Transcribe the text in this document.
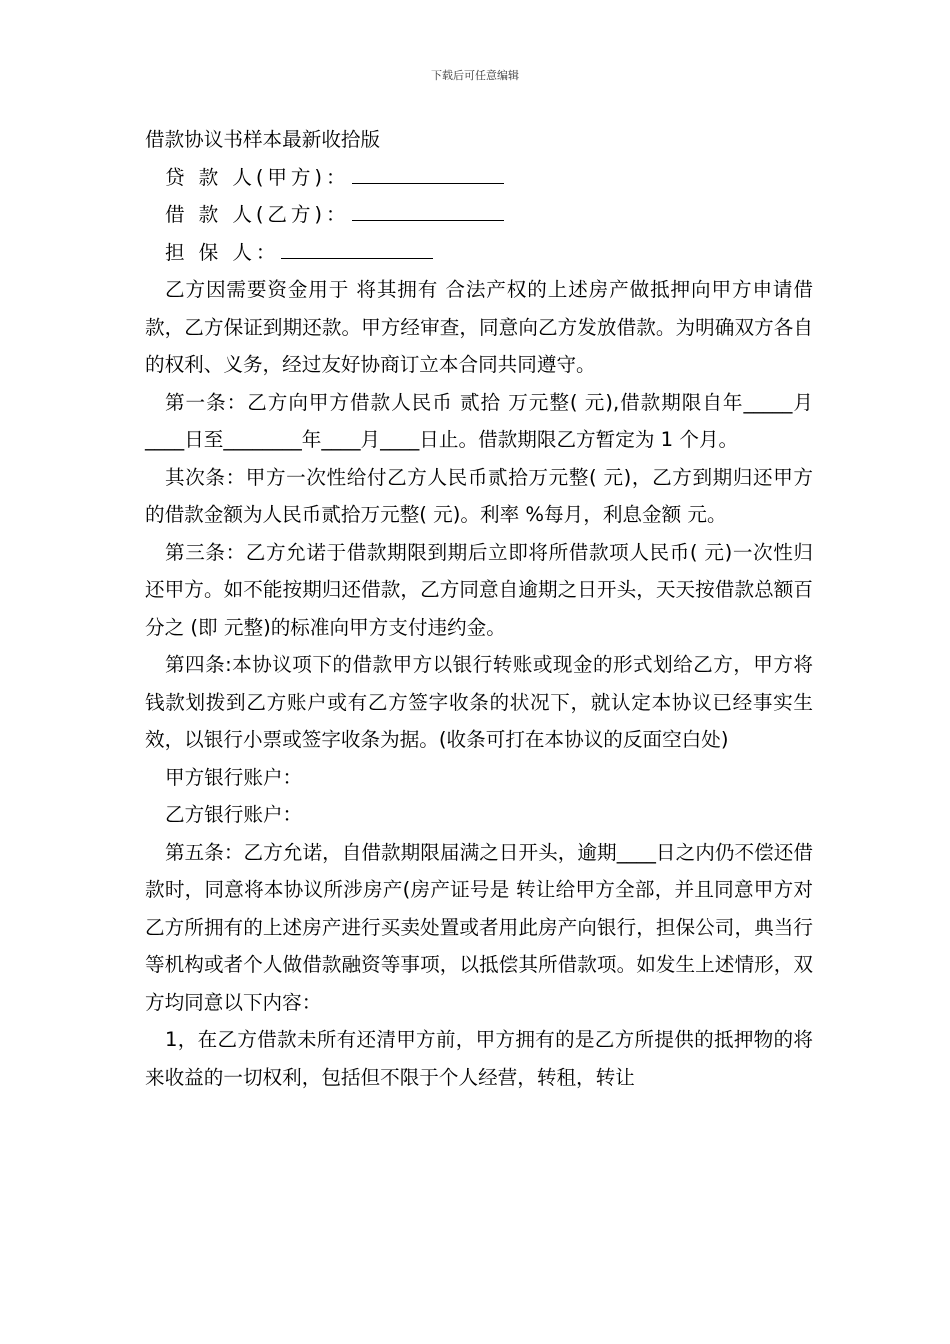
下载后可任意编辑

借款协议书样本最新收拾版

贷 款 人(甲方)：

借 款 人(乙方)：

担 保 人：

乙方因需要资金用于 将其拥有 合法产权的上述房产做抵押向甲方申请借款，乙方保证到期还款。甲方经审查，同意向乙方发放借款。为明确双方各自的权利、义务，经过友好协商订立本合同共同遵守。

第一条：乙方向甲方借款人民币 贰拾 万元整( 元),借款期限自年_____月____日至________年____月____日止。借款期限乙方暂定为 1 个月。

其次条：甲方一次性给付乙方人民币贰拾万元整( 元)，乙方到期归还甲方的借款金额为人民币贰拾万元整( 元)。利率 %每月，利息金额 元。

第三条：乙方允诺于借款期限到期后立即将所借款项人民币( 元)一次性归还甲方。如不能按期归还借款，乙方同意自逾期之日开头，天天按借款总额百分之 (即 元整)的标准向甲方支付违约金。

第四条:本协议项下的借款甲方以银行转账或现金的形式划给乙方，甲方将钱款划拨到乙方账户或有乙方签字收条的状况下，就认定本协议已经事实生效，以银行小票或签字收条为据。(收条可打在本协议的反面空白处)

甲方银行账户：

乙方银行账户：

第五条：乙方允诺，自借款期限届满之日开头，逾期____日之内仍不偿还借款时，同意将本协议所涉房产(房产证号是 转让给甲方全部，并且同意甲方对乙方所拥有的上述房产进行买卖处置或者用此房产向银行，担保公司，典当行等机构或者个人做借款融资等事项，以抵偿其所借款项。如发生上述情形，双方均同意以下内容：

1，在乙方借款未所有还清甲方前，甲方拥有的是乙方所提供的抵押物的将来收益的一切权利，包括但不限于个人经营，转租，转让
